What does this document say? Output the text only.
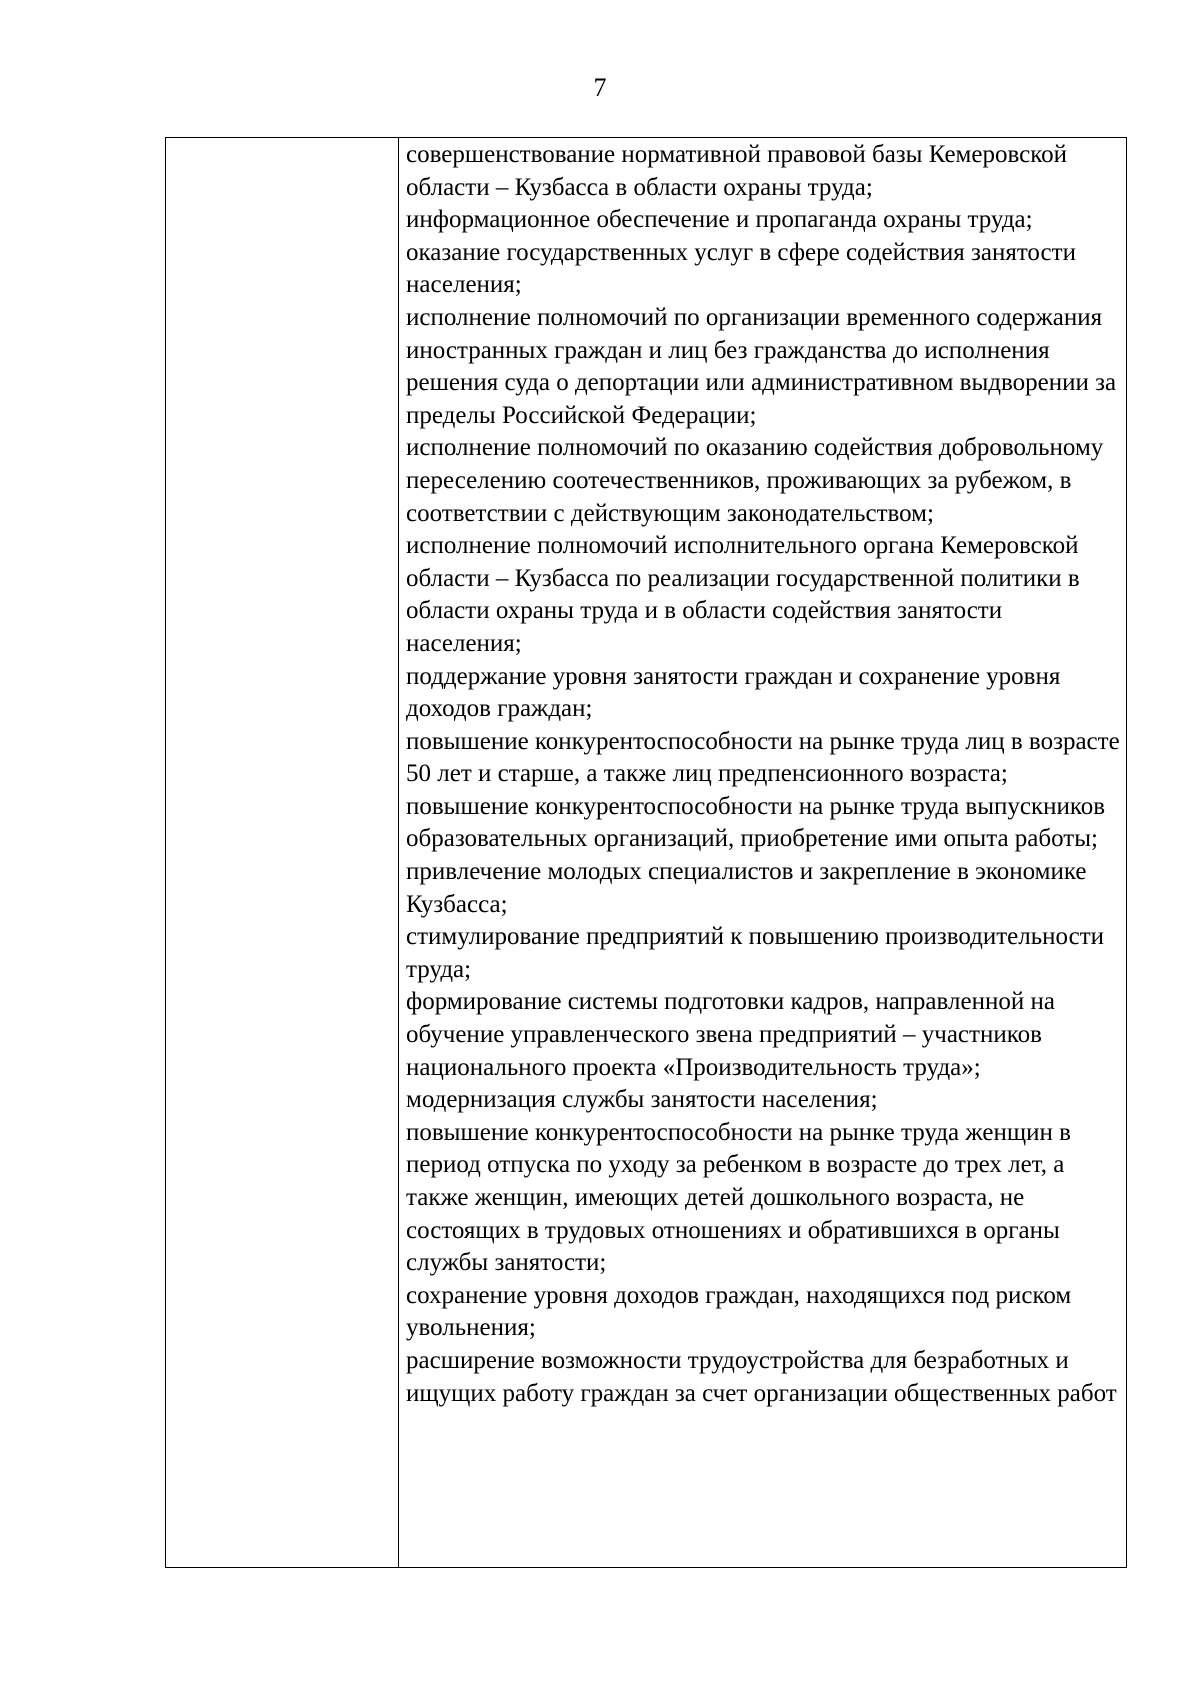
7

совершенствование нормативной правовой базы Кемеровской области – Кузбасса в области охраны труда;

информационное обеспечение и пропаганда охраны труда;

оказание государственных услуг в сфере содействия занятости населения;

исполнение полномочий по организации временного содержания иностранных граждан и лиц без гражданства до исполнения решения суда о депортации или административном выдворении за пределы Российской Федерации;

исполнение полномочий по оказанию содействия добровольному переселению соотечественников, проживающих за рубежом, в соответствии с действующим законодательством;

исполнение полномочий исполнительного органа Кемеровской области – Кузбасса по реализации государственной политики в области охраны труда и в области содействия занятости населения;

поддержание уровня занятости граждан и сохранение уровня доходов граждан;

повышение конкурентоспособности на рынке труда лиц в возрасте 50 лет и старше, а также лиц предпенсионного возраста;

повышение конкурентоспособности на рынке труда выпускников образовательных организаций, приобретение ими опыта работы;

привлечение молодых специалистов и закрепление в экономике Кузбасса;

стимулирование предприятий к повышению производительности труда;

формирование системы подготовки кадров, направленной на обучение управленческого звена предприятий – участников национального проекта «Производительность труда»;

модернизация службы занятости населения;

повышение конкурентоспособности на рынке труда женщин в период отпуска по уходу за ребенком в возрасте до трех лет, а также женщин, имеющих детей дошкольного возраста, не состоящих в трудовых отношениях и обратившихся в органы службы занятости;

сохранение уровня доходов граждан, находящихся под риском увольнения;

расширение возможности трудоустройства для безработных и ищущих работу граждан за счет организации общественных работ
